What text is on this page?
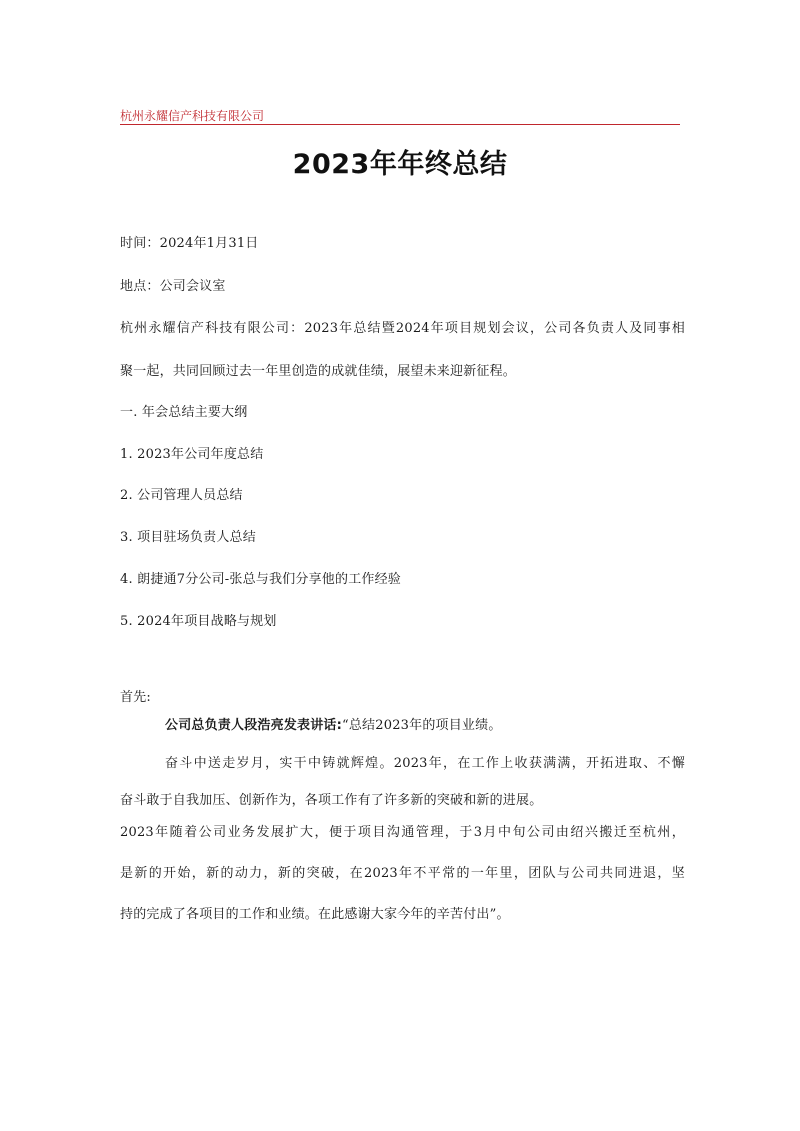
杭州永耀信产科技有限公司
2023年年终总结
时间：2024年1月31日
地点：公司会议室
杭州永耀信产科技有限公司：2023年总结暨2024年项目规划会议，公司各负责人及同事相
聚一起，共同回顾过去一年里创造的成就佳绩，展望未来迎新征程。
一. 年会总结主要大纲
1. 2023年公司年度总结
2. 公司管理人员总结
3. 项目驻场负责人总结
4. 朗捷通7分公司-张总与我们分享他的工作经验
5. 2024年项目战略与规划
首先:
公司总负责人段浩亮发表讲话:“总结2023年的项目业绩。
奋斗中送走岁月，实干中铸就辉煌。2023年，在工作上收获满满，开拓进取、不懈
奋斗敢于自我加压、创新作为，各项工作有了许多新的突破和新的进展。
2023年随着公司业务发展扩大，便于项目沟通管理，于3月中旬公司由绍兴搬迁至杭州，
是新的开始，新的动力，新的突破，在2023年不平常的一年里，团队与公司共同进退，坚
持的完成了各项目的工作和业绩。在此感谢大家今年的辛苦付出”。
